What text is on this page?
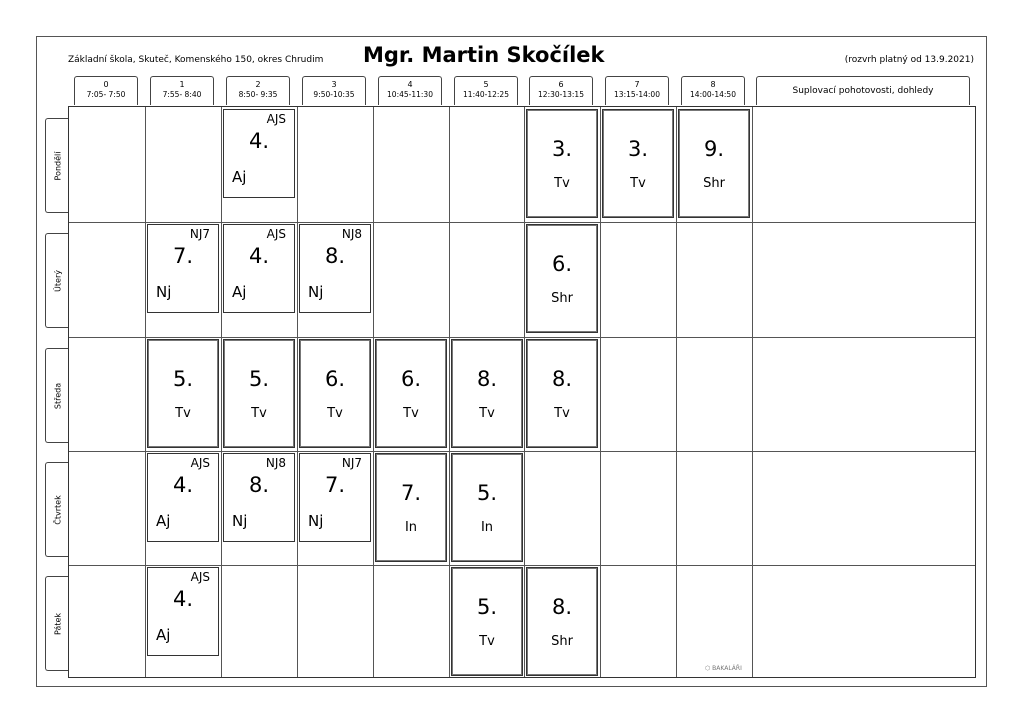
Základní škola, Skuteč, Komenského 150, okres Chrudim Mgr. Martin Skočílek	(rozvrh platný od 13.9.2021)
0
7:05- 7:50
1
7:55- 8:40
2
8:50- 9:35
3
9:50-10:35
4
10:45-11:30
5
11:40-12:25
6
12:30-13:15
7
13:15-14:00
8
14:00-14:50	Suplovací pohotovosti, dohledy
Pondělí
Úterý
Středa
Čtvrtek
Pátek
AJS
4.
Aj
3.
Tv
3.
Tv
9.
Shr
NJ7
7.
Nj
AJS
4.
Aj
NJ8
8.
Nj
6.
Shr
5.
Tv
5.
Tv
6.
Tv
6.
Tv
8.
Tv
8.
Tv
AJS
4.
Aj
NJ8
8.
Nj
NJ7
7.
Nj
7.
In
5.
In
AJS
4.
Aj
5.
Tv
8.
Shr
⬡ BAKALÁŘI
